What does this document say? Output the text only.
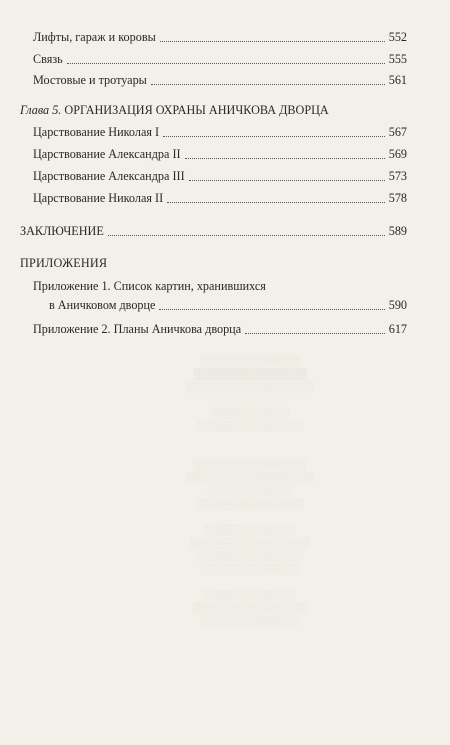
░░░░░░░░░░░░░░
▒▒▒▒▒▒▒▒▒▒▒▒▒▒▒▒
░░░░░░░░░░░░░░░░░░

░░░░░░░░░░░
░░░░░░░░░░░░░░░

░░░░░░░░░░░░░░░░
░░░░░░░░░░░░░░░░░░
░░░░░░░░░░░░
░░░░░░░░░░░░░░░

░░░░░░░░░░░░░
░░░░░░░░░░░░░░░░░
░░░░░░░░░░░░░░░
░░░░░░░░░░░░░░

░░░░░░░░░░░░░
░░░░░░░░░░░░░░░░
░░░░░░░░░░░░░░
Лифты, гараж и коровы	552
Связь	555
Мостовые и тротуары	561
Глава 5. ОРГАНИЗАЦИЯ ОХРАНЫ АНИЧКОВА ДВОРЦА
Царствование Николая I	567
Царствование Александра II	569
Царствование Александра III	573
Царствование Николая II	578
ЗАКЛЮЧЕНИЕ	589
ПРИЛОЖЕНИЯ
Приложение 1. Список картин, хранившихся
в Аничковом дворце	590
Приложение 2. Планы Аничкова дворца	617
